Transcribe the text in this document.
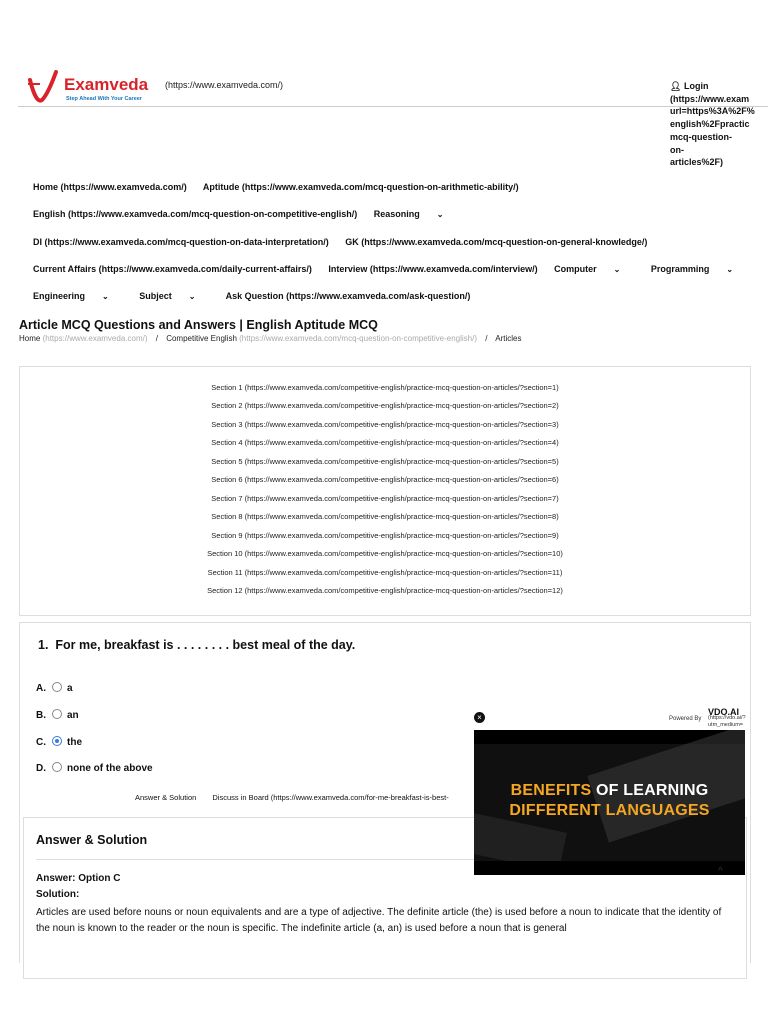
Examveda
Step Ahead With Your Career
(https://www.examveda.com/)	👤︎ Login
(https://www.exam
url=https%3A%2F%
english%2Fpractic
mcq-question-
on-
articles%2F)
Home (https://www.examveda.com/) Aptitude (https://www.examveda.com/mcq-question-on-arithmetic-ability/)
English (https://www.examveda.com/mcq-question-on-competitive-english/) Reasoning ⌄
DI (https://www.examveda.com/mcq-question-on-data-interpretation/) GK (https://www.examveda.com/mcq-question-on-general-knowledge/)
Current Affairs (https://www.examveda.com/daily-current-affairs/) Interview (https://www.examveda.com/interview/) Computer ⌄	Programming ⌄
Engineering ⌄	Subject ⌄	Ask Question (https://www.examveda.com/ask-question/)
Article MCQ Questions and Answers | English Aptitude MCQ
Home (https://www.examveda.com/) / Competitive English (https://www.examveda.com/mcq-question-on-competitive-english/) / Articles
Section 1 (https://www.examveda.com/competitive-english/practice-mcq-question-on-articles/?section=1)
Section 2 (https://www.examveda.com/competitive-english/practice-mcq-question-on-articles/?section=2)
Section 3 (https://www.examveda.com/competitive-english/practice-mcq-question-on-articles/?section=3)
Section 4 (https://www.examveda.com/competitive-english/practice-mcq-question-on-articles/?section=4)
Section 5 (https://www.examveda.com/competitive-english/practice-mcq-question-on-articles/?section=5)
Section 6 (https://www.examveda.com/competitive-english/practice-mcq-question-on-articles/?section=6)
Section 7 (https://www.examveda.com/competitive-english/practice-mcq-question-on-articles/?section=7)
Section 8 (https://www.examveda.com/competitive-english/practice-mcq-question-on-articles/?section=8)
Section 9 (https://www.examveda.com/competitive-english/practice-mcq-question-on-articles/?section=9)
Section 10 (https://www.examveda.com/competitive-english/practice-mcq-question-on-articles/?section=10)
Section 11 (https://www.examveda.com/competitive-english/practice-mcq-question-on-articles/?section=11)
Section 12 (https://www.examveda.com/competitive-english/practice-mcq-question-on-articles/?section=12)
1. For me, breakfast is . . . . . . . . best meal of the day.
A. a
B. an
C. the
D. none of the above
Answer & Solution Discuss in Board (https://www.examveda.com/for-me-breakfast-is-best-
Answer & Solution
Answer: Option C
Solution:
Articles are used before nouns or noun equivalents and are a type of adjective. The definite article (the) is used before a noun to indicate that the identity of the noun is known to the reader or the noun is specific. The indefinite article (a, an) is used before a noun that is general
×	Powered By
VDO.AI
(https://vdo.ai/?utm_medium=
BENEFITS OF LEARNING
DIFFERENT LANGUAGES
^
